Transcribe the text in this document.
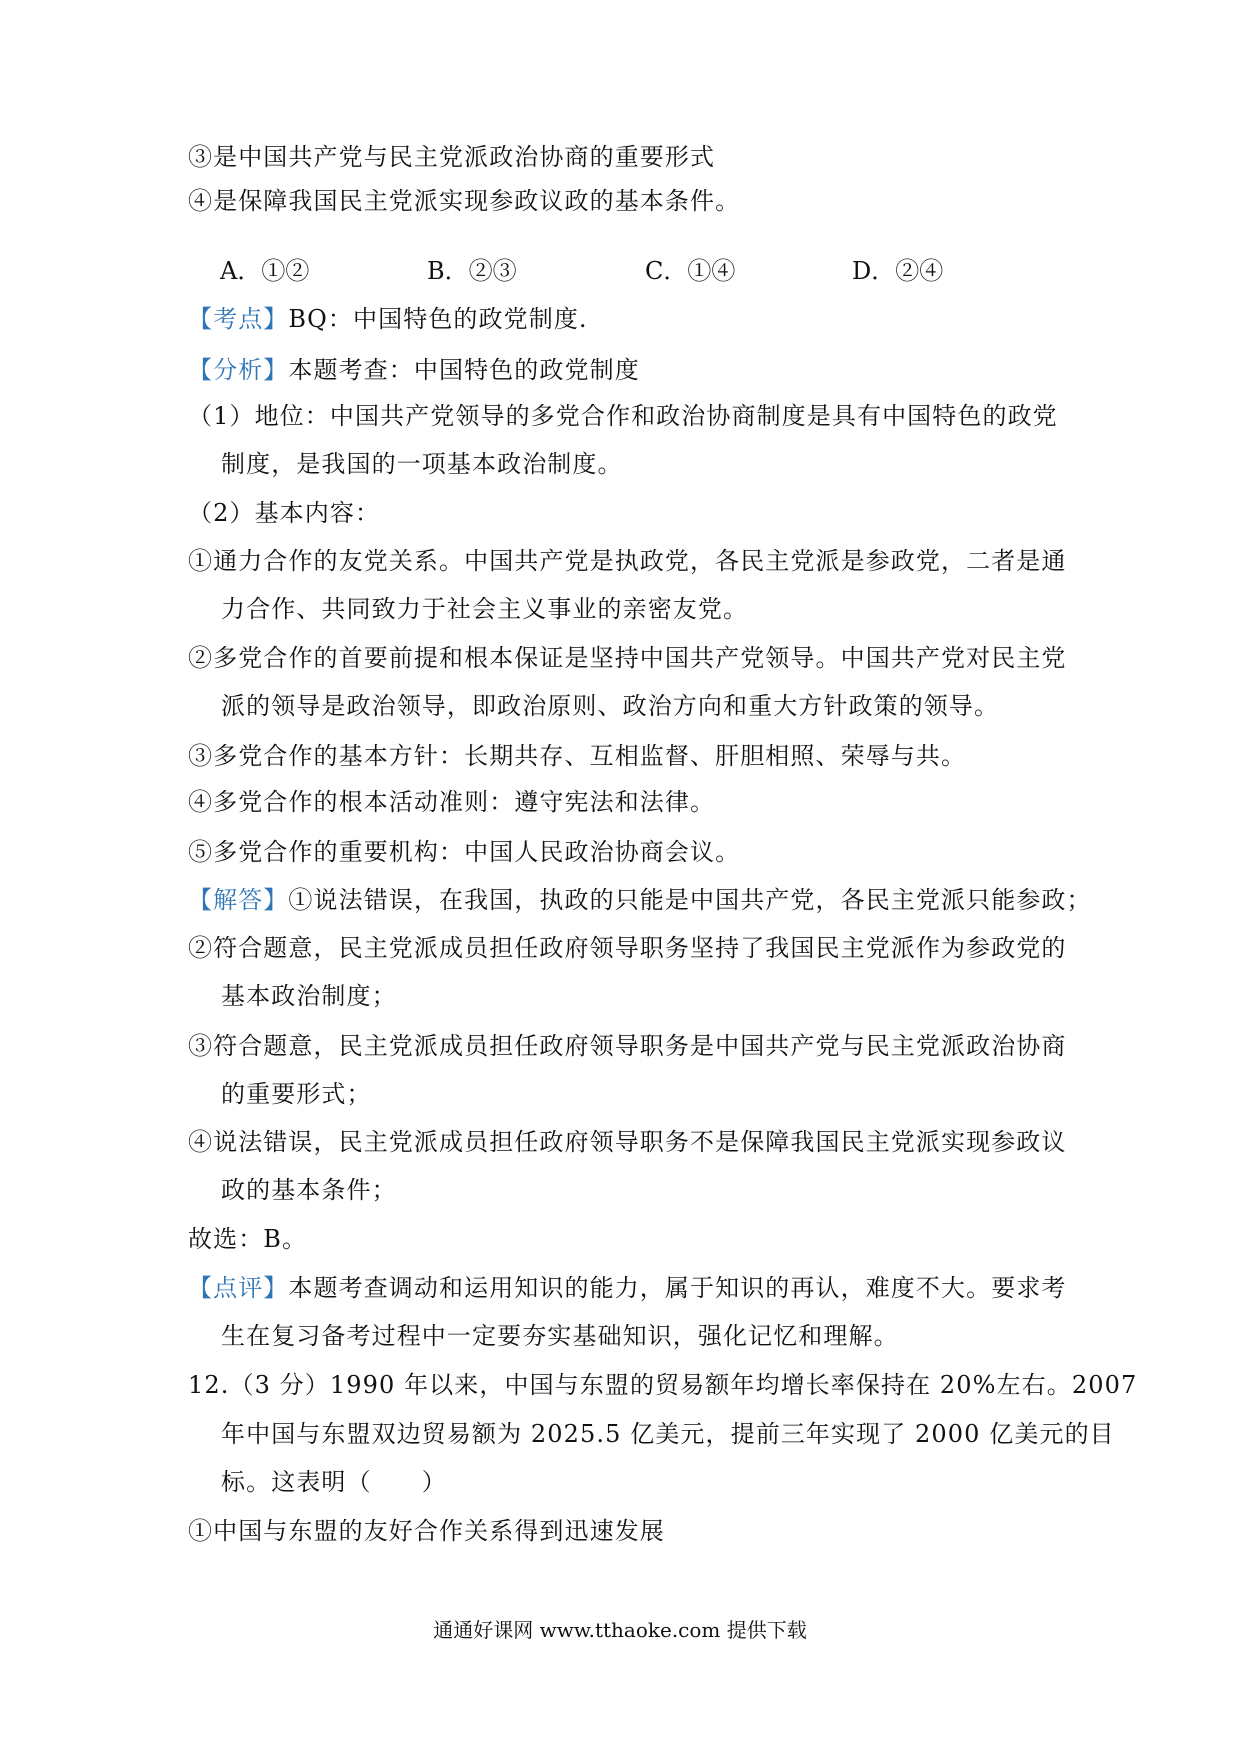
③是中国共产党与民主党派政治协商的重要形式
④是保障我国民主党派实现参政议政的基本条件。
A．①②	B．②③	C．①④	D．②④
【考点】BQ：中国特色的政党制度.
【分析】本题考查：中国特色的政党制度
（1）地位：中国共产党领导的多党合作和政治协商制度是具有中国特色的政党
制度，是我国的一项基本政治制度。
（2）基本内容：
①通力合作的友党关系。中国共产党是执政党，各民主党派是参政党，二者是通
力合作、共同致力于社会主义事业的亲密友党。
②多党合作的首要前提和根本保证是坚持中国共产党领导。中国共产党对民主党
派的领导是政治领导，即政治原则、政治方向和重大方针政策的领导。
③多党合作的基本方针：长期共存、互相监督、肝胆相照、荣辱与共。
④多党合作的根本活动准则：遵守宪法和法律。
⑤多党合作的重要机构：中国人民政治协商会议。
【解答】①说法错误，在我国，执政的只能是中国共产党，各民主党派只能参政；
②符合题意，民主党派成员担任政府领导职务坚持了我国民主党派作为参政党的
基本政治制度；
③符合题意，民主党派成员担任政府领导职务是中国共产党与民主党派政治协商
的重要形式；
④说法错误，民主党派成员担任政府领导职务不是保障我国民主党派实现参政议
政的基本条件；
故选：B。
【点评】本题考查调动和运用知识的能力，属于知识的再认，难度不大。要求考
生在复习备考过程中一定要夯实基础知识，强化记忆和理解。
12.（3 分）1990 年以来，中国与东盟的贸易额年均增长率保持在 20%左右。2007
年中国与东盟双边贸易额为 2025.5 亿美元，提前三年实现了 2000 亿美元的目
标。这表明（　　）
①中国与东盟的友好合作关系得到迅速发展
通通好课网 www.tthaoke.com 提供下载
